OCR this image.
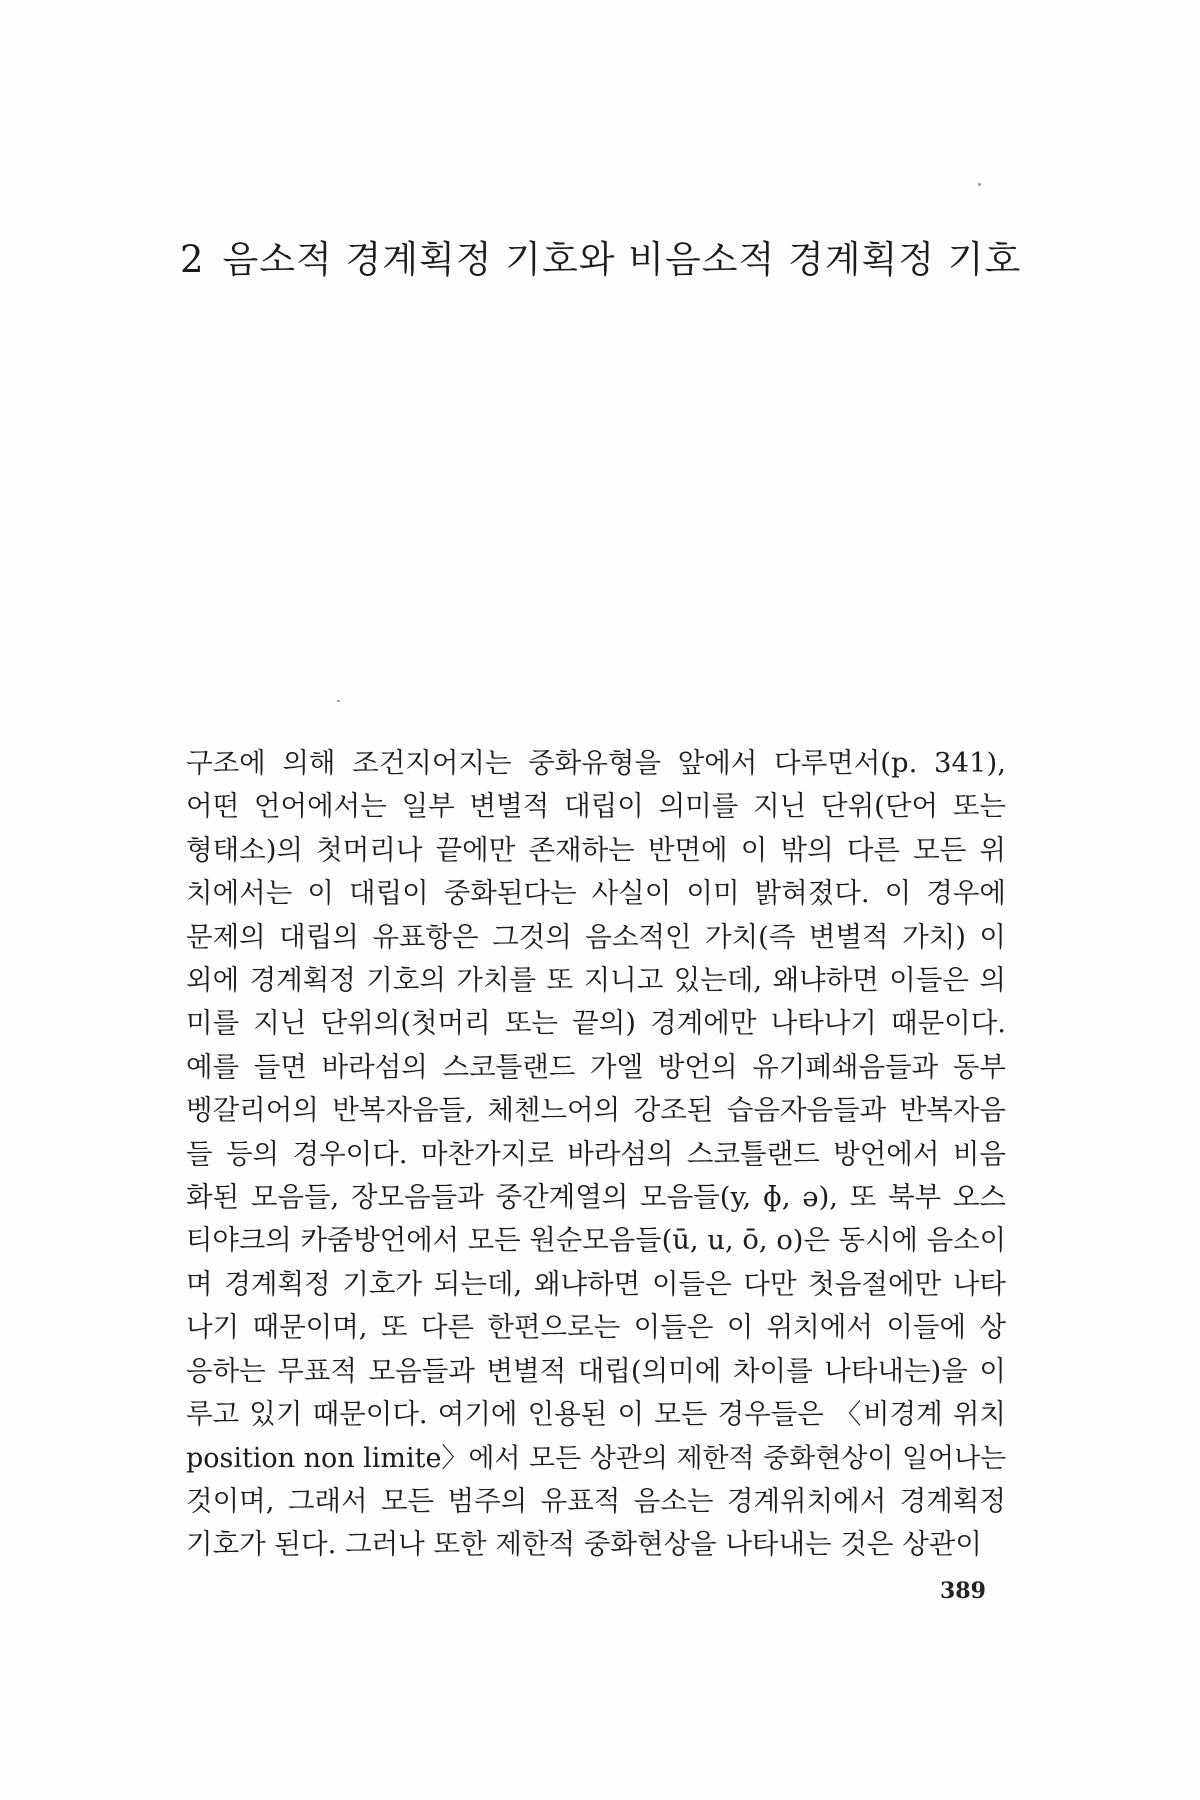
2 음소적 경계획정 기호와 비음소적 경계획정 기호

구조에 의해 조건지어지는 중화유형을 앞에서 다루면서(p. 341),
어떤 언어에서는 일부 변별적 대립이 의미를 지닌 단위(단어 또는
형태소)의 첫머리나 끝에만 존재하는 반면에 이 밖의 다른 모든 위
치에서는 이 대립이 중화된다는 사실이 이미 밝혀졌다. 이 경우에
문제의 대립의 유표항은 그것의 음소적인 가치(즉 변별적 가치) 이
외에 경계획정 기호의 가치를 또 지니고 있는데, 왜냐하면 이들은 의
미를 지닌 단위의(첫머리 또는 끝의) 경계에만 나타나기 때문이다.
예를 들면 바라섬의 스코틀랜드 가엘 방언의 유기폐쇄음들과 동부
벵갈리어의 반복자음들, 체첸느어의 강조된 습음자음들과 반복자음
들 등의 경우이다. 마찬가지로 바라섬의 스코틀랜드 방언에서 비음
화된 모음들, 장모음들과 중간계열의 모음들(y, ɸ, ə), 또 북부 오스
티야크의 카줌방언에서 모든 원순모음들(ū, u, ō, o)은 동시에 음소이
며 경계획정 기호가 되는데, 왜냐하면 이들은 다만 첫음절에만 나타
나기 때문이며, 또 다른 한편으로는 이들은 이 위치에서 이들에 상
응하는 무표적 모음들과 변별적 대립(의미에 차이를 나타내는)을 이
루고 있기 때문이다. 여기에 인용된 이 모든 경우들은 〈비경계 위치
position non limite〉에서 모든 상관의 제한적 중화현상이 일어나는
것이며, 그래서 모든 범주의 유표적 음소는 경계위치에서 경계획정
기호가 된다. 그러나 또한 제한적 중화현상을 나타내는 것은 상관이

389
